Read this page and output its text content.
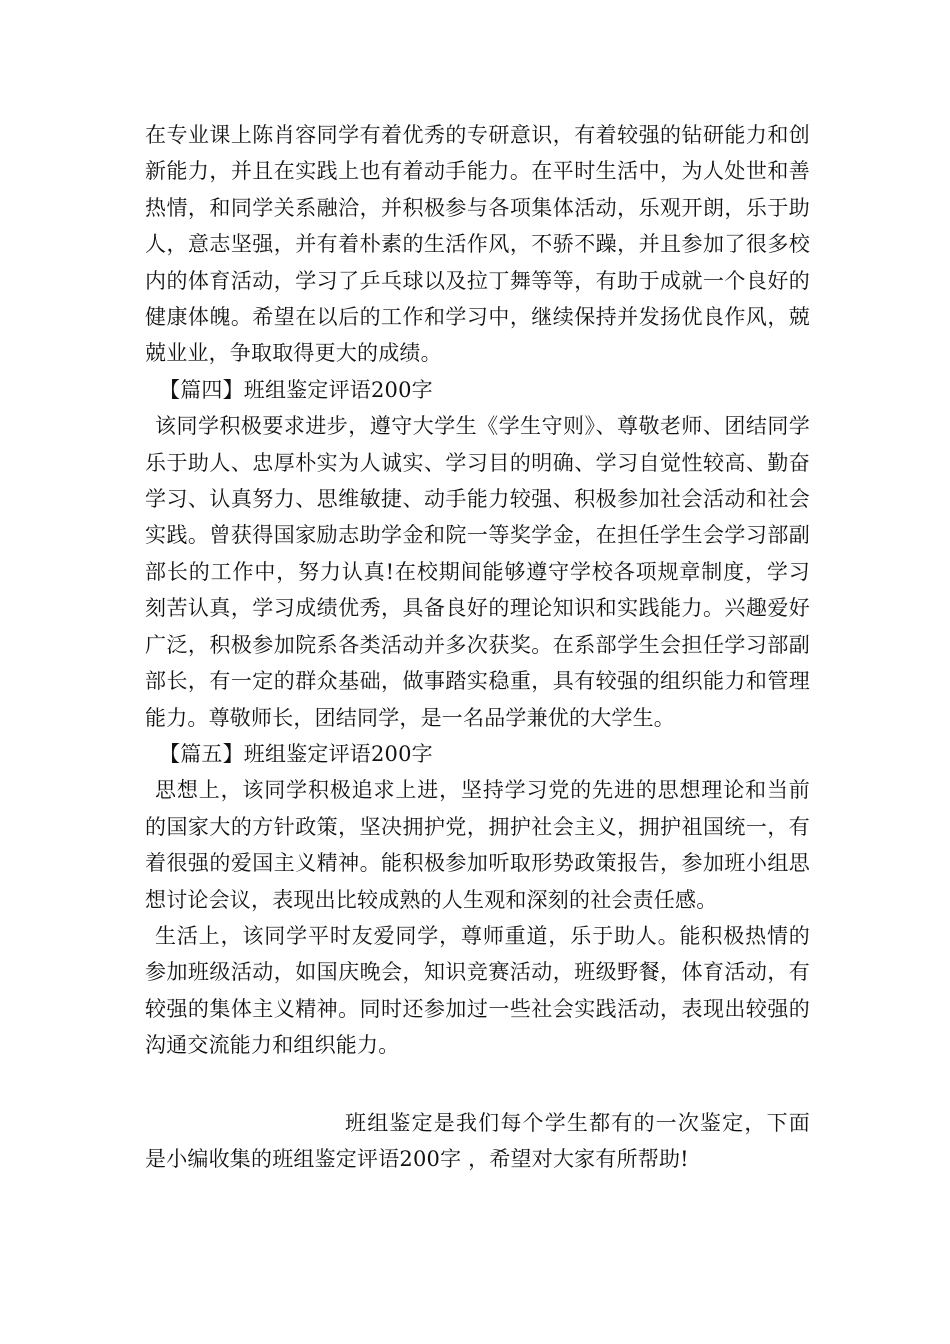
在专业课上陈肖容同学有着优秀的专研意识，有着较强的钻研能力和创新能力，并且在实践上也有着动手能力。在平时生活中，为人处世和善热情，和同学关系融洽，并积极参与各项集体活动，乐观开朗，乐于助人，意志坚强，并有着朴素的生活作风，不骄不躁，并且参加了很多校内的体育活动，学习了乒乓球以及拉丁舞等等，有助于成就一个良好的健康体魄。希望在以后的工作和学习中，继续保持并发扬优良作风，兢兢业业，争取取得更大的成绩。

【篇四】班组鉴定评语200字

该同学积极要求进步，遵守大学生《学生守则》、尊敬老师、团结同学乐于助人、忠厚朴实为人诚实、学习目的明确、学习自觉性较高、勤奋学习、认真努力、思维敏捷、动手能力较强、积极参加社会活动和社会实践。曾获得国家励志助学金和院一等奖学金，在担任学生会学习部副部长的工作中，努力认真!在校期间能够遵守学校各项规章制度，学习刻苦认真，学习成绩优秀，具备良好的理论知识和实践能力。兴趣爱好广泛，积极参加院系各类活动并多次获奖。在系部学生会担任学习部副部长，有一定的群众基础，做事踏实稳重，具有较强的组织能力和管理能力。尊敬师长，团结同学，是一名品学兼优的大学生。

【篇五】班组鉴定评语200字

思想上，该同学积极追求上进，坚持学习党的先进的思想理论和当前的国家大的方针政策，坚决拥护党，拥护社会主义，拥护祖国统一，有着很强的爱国主义精神。能积极参加听取形势政策报告，参加班小组思想讨论会议，表现出比较成熟的人生观和深刻的社会责任感。

生活上，该同学平时友爱同学，尊师重道，乐于助人。能积极热情的参加班级活动，如国庆晚会，知识竞赛活动，班级野餐，体育活动，有较强的集体主义精神。同时还参加过一些社会实践活动，表现出较强的沟通交流能力和组织能力。

班组鉴定是我们每个学生都有的一次鉴定，下面是小编收集的班组鉴定评语200字 ，希望对大家有所帮助!
